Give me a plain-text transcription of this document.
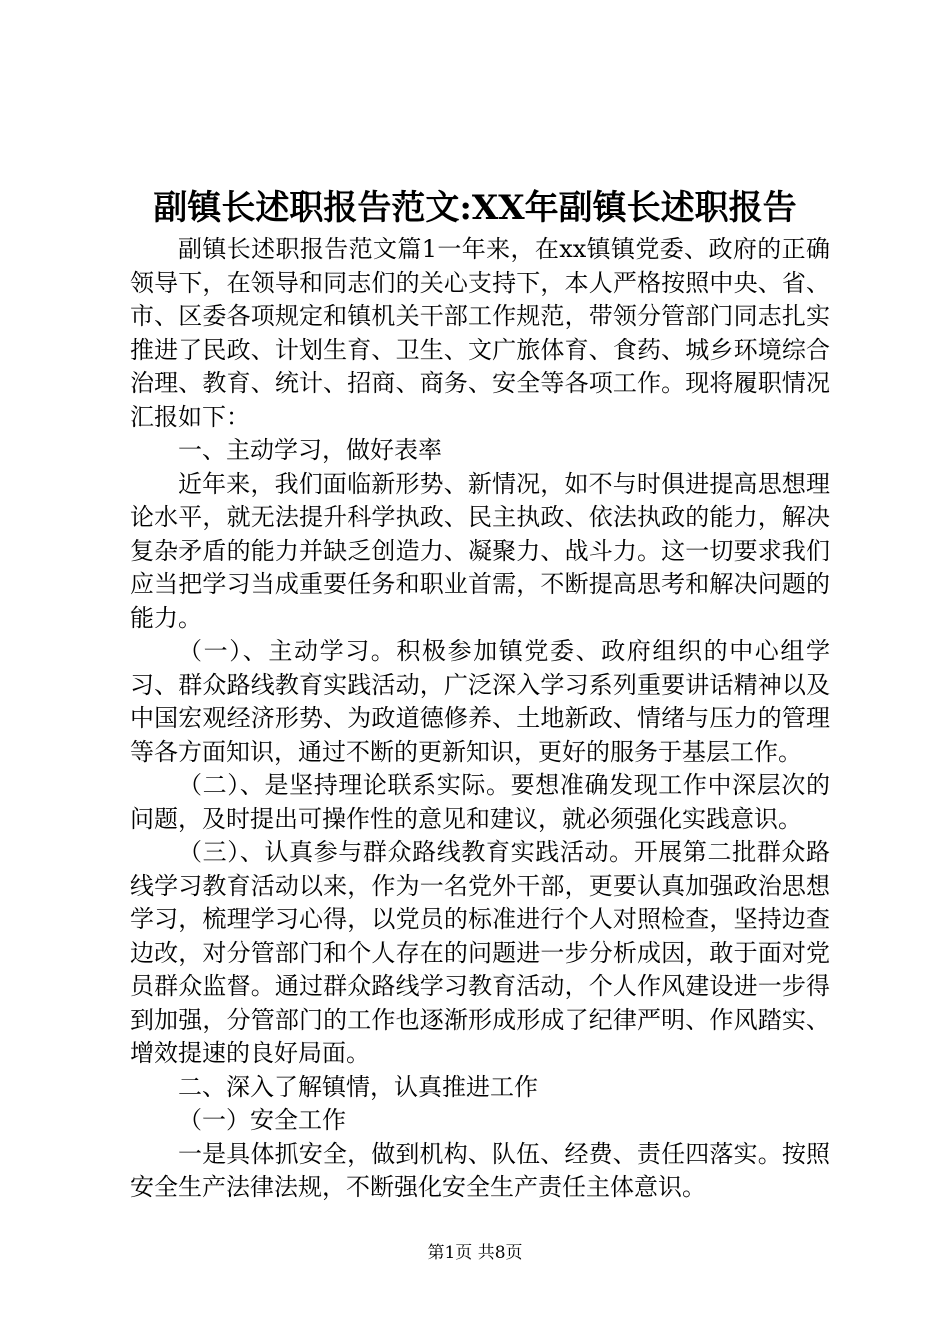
副镇长述职报告范文:XX年副镇长述职报告

副镇长述职报告范文篇1一年来，在xx镇镇党委、政府的正确领导下，在领导和同志们的关心支持下，本人严格按照中央、省、市、区委各项规定和镇机关干部工作规范，带领分管部门同志扎实推进了民政、计划生育、卫生、文广旅体育、食药、城乡环境综合治理、教育、统计、招商、商务、安全等各项工作。现将履职情况汇报如下：

一、主动学习，做好表率

近年来，我们面临新形势、新情况，如不与时俱进提高思想理论水平，就无法提升科学执政、民主执政、依法执政的能力，解决复杂矛盾的能力并缺乏创造力、凝聚力、战斗力。这一切要求我们应当把学习当成重要任务和职业首需，不断提高思考和解决问题的能力。

（一）、主动学习。积极参加镇党委、政府组织的中心组学习、群众路线教育实践活动，广泛深入学习系列重要讲话精神以及中国宏观经济形势、为政道德修养、土地新政、情绪与压力的管理等各方面知识，通过不断的更新知识，更好的服务于基层工作。

（二）、是坚持理论联系实际。要想准确发现工作中深层次的问题，及时提出可操作性的意见和建议，就必须强化实践意识。

（三）、认真参与群众路线教育实践活动。开展第二批群众路线学习教育活动以来，作为一名党外干部，更要认真加强政治思想学习，梳理学习心得，以党员的标准进行个人对照检查，坚持边查边改，对分管部门和个人存在的问题进一步分析成因，敢于面对党员群众监督。通过群众路线学习教育活动，个人作风建设进一步得到加强，分管部门的工作也逐渐形成形成了纪律严明、作风踏实、增效提速的良好局面。

二、深入了解镇情，认真推进工作

（一）安全工作

一是具体抓安全，做到机构、队伍、经费、责任四落实。按照安全生产法律法规，不断强化安全生产责任主体意识。

第1页 共8页
